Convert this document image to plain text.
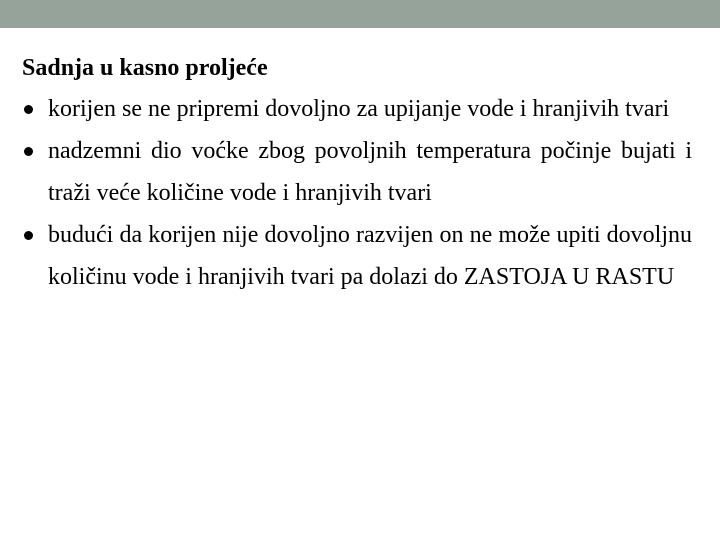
Sadnja u kasno proljeće
korijen se ne pripremi dovoljno za upijanje vode i hranjivih tvari
nadzemni dio voćke zbog povoljnih temperatura počinje bujati i traži veće količine vode i hranjivih tvari
budući da korijen nije dovoljno razvijen on ne može upiti dovoljnu količinu vode i hranjivih tvari pa dolazi do ZASTOJA U RASTU
